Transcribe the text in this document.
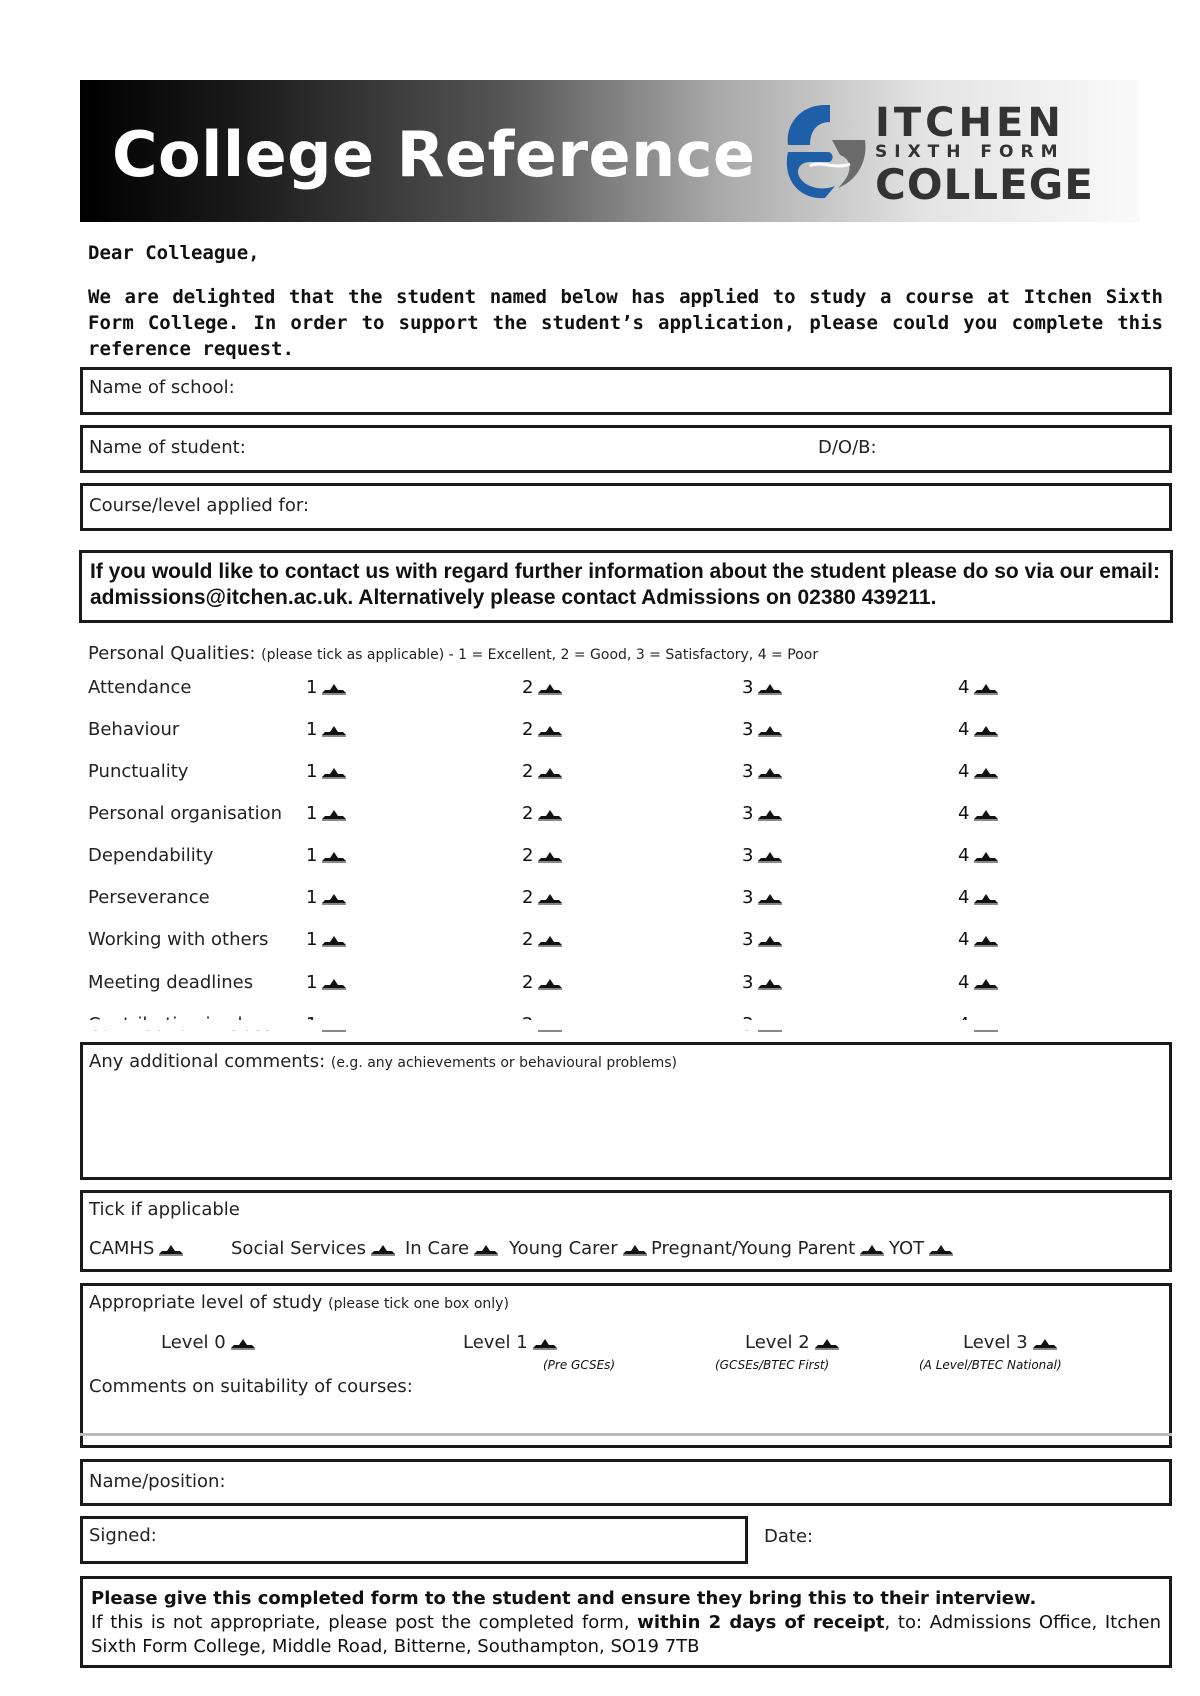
College Reference	ITCHEN
SIXTH FORM
COLLEGE
Dear Colleague,
We are delighted that the student named below has applied to study a course at Itchen Sixth Form College. In order to support the student’s application, please could you complete this reference request.
Name of school:
Name of student:	D/O/B:
Course/level applied for:
If you would like to contact us with regard further information about the student please do so via our email: admissions@itchen.ac.uk. Alternatively please contact Admissions on 02380 439211.
Personal Qualities: (please tick as applicable) - 1 = Excellent, 2 = Good, 3 = Satisfactory, 4 = Poor
Attendance	1	2	3	4
Behaviour	1	2	3	4
Punctuality	1	2	3	4
Personal organisation 1	2	3	4
Dependability	1	2	3	4
Perseverance	1	2	3	4
Working with others 1	2	3	4
Meeting deadlines	1	2	3	4
Any additional comments: (e.g. any achievements or behavioural problems)
Tick if applicable
CAMHS	Social Services	In Care	Young Carer	Pregnant/Young Parent	YOT
Appropriate level of study (please tick one box only)
Level 0	Level 1	Level 2	Level 3
(Pre GCSEs)	(GCSEs/BTEC First)	(A Level/BTEC National)
Comments on suitability of courses:
Name/position:
Signed:	Date:
Please give this completed form to the student and ensure they bring this to their interview.
If this is not appropriate, please post the completed form, within 2 days of receipt, to: Admissions Office, Itchen Sixth Form College, Middle Road, Bitterne, Southampton, SO19 7TB
